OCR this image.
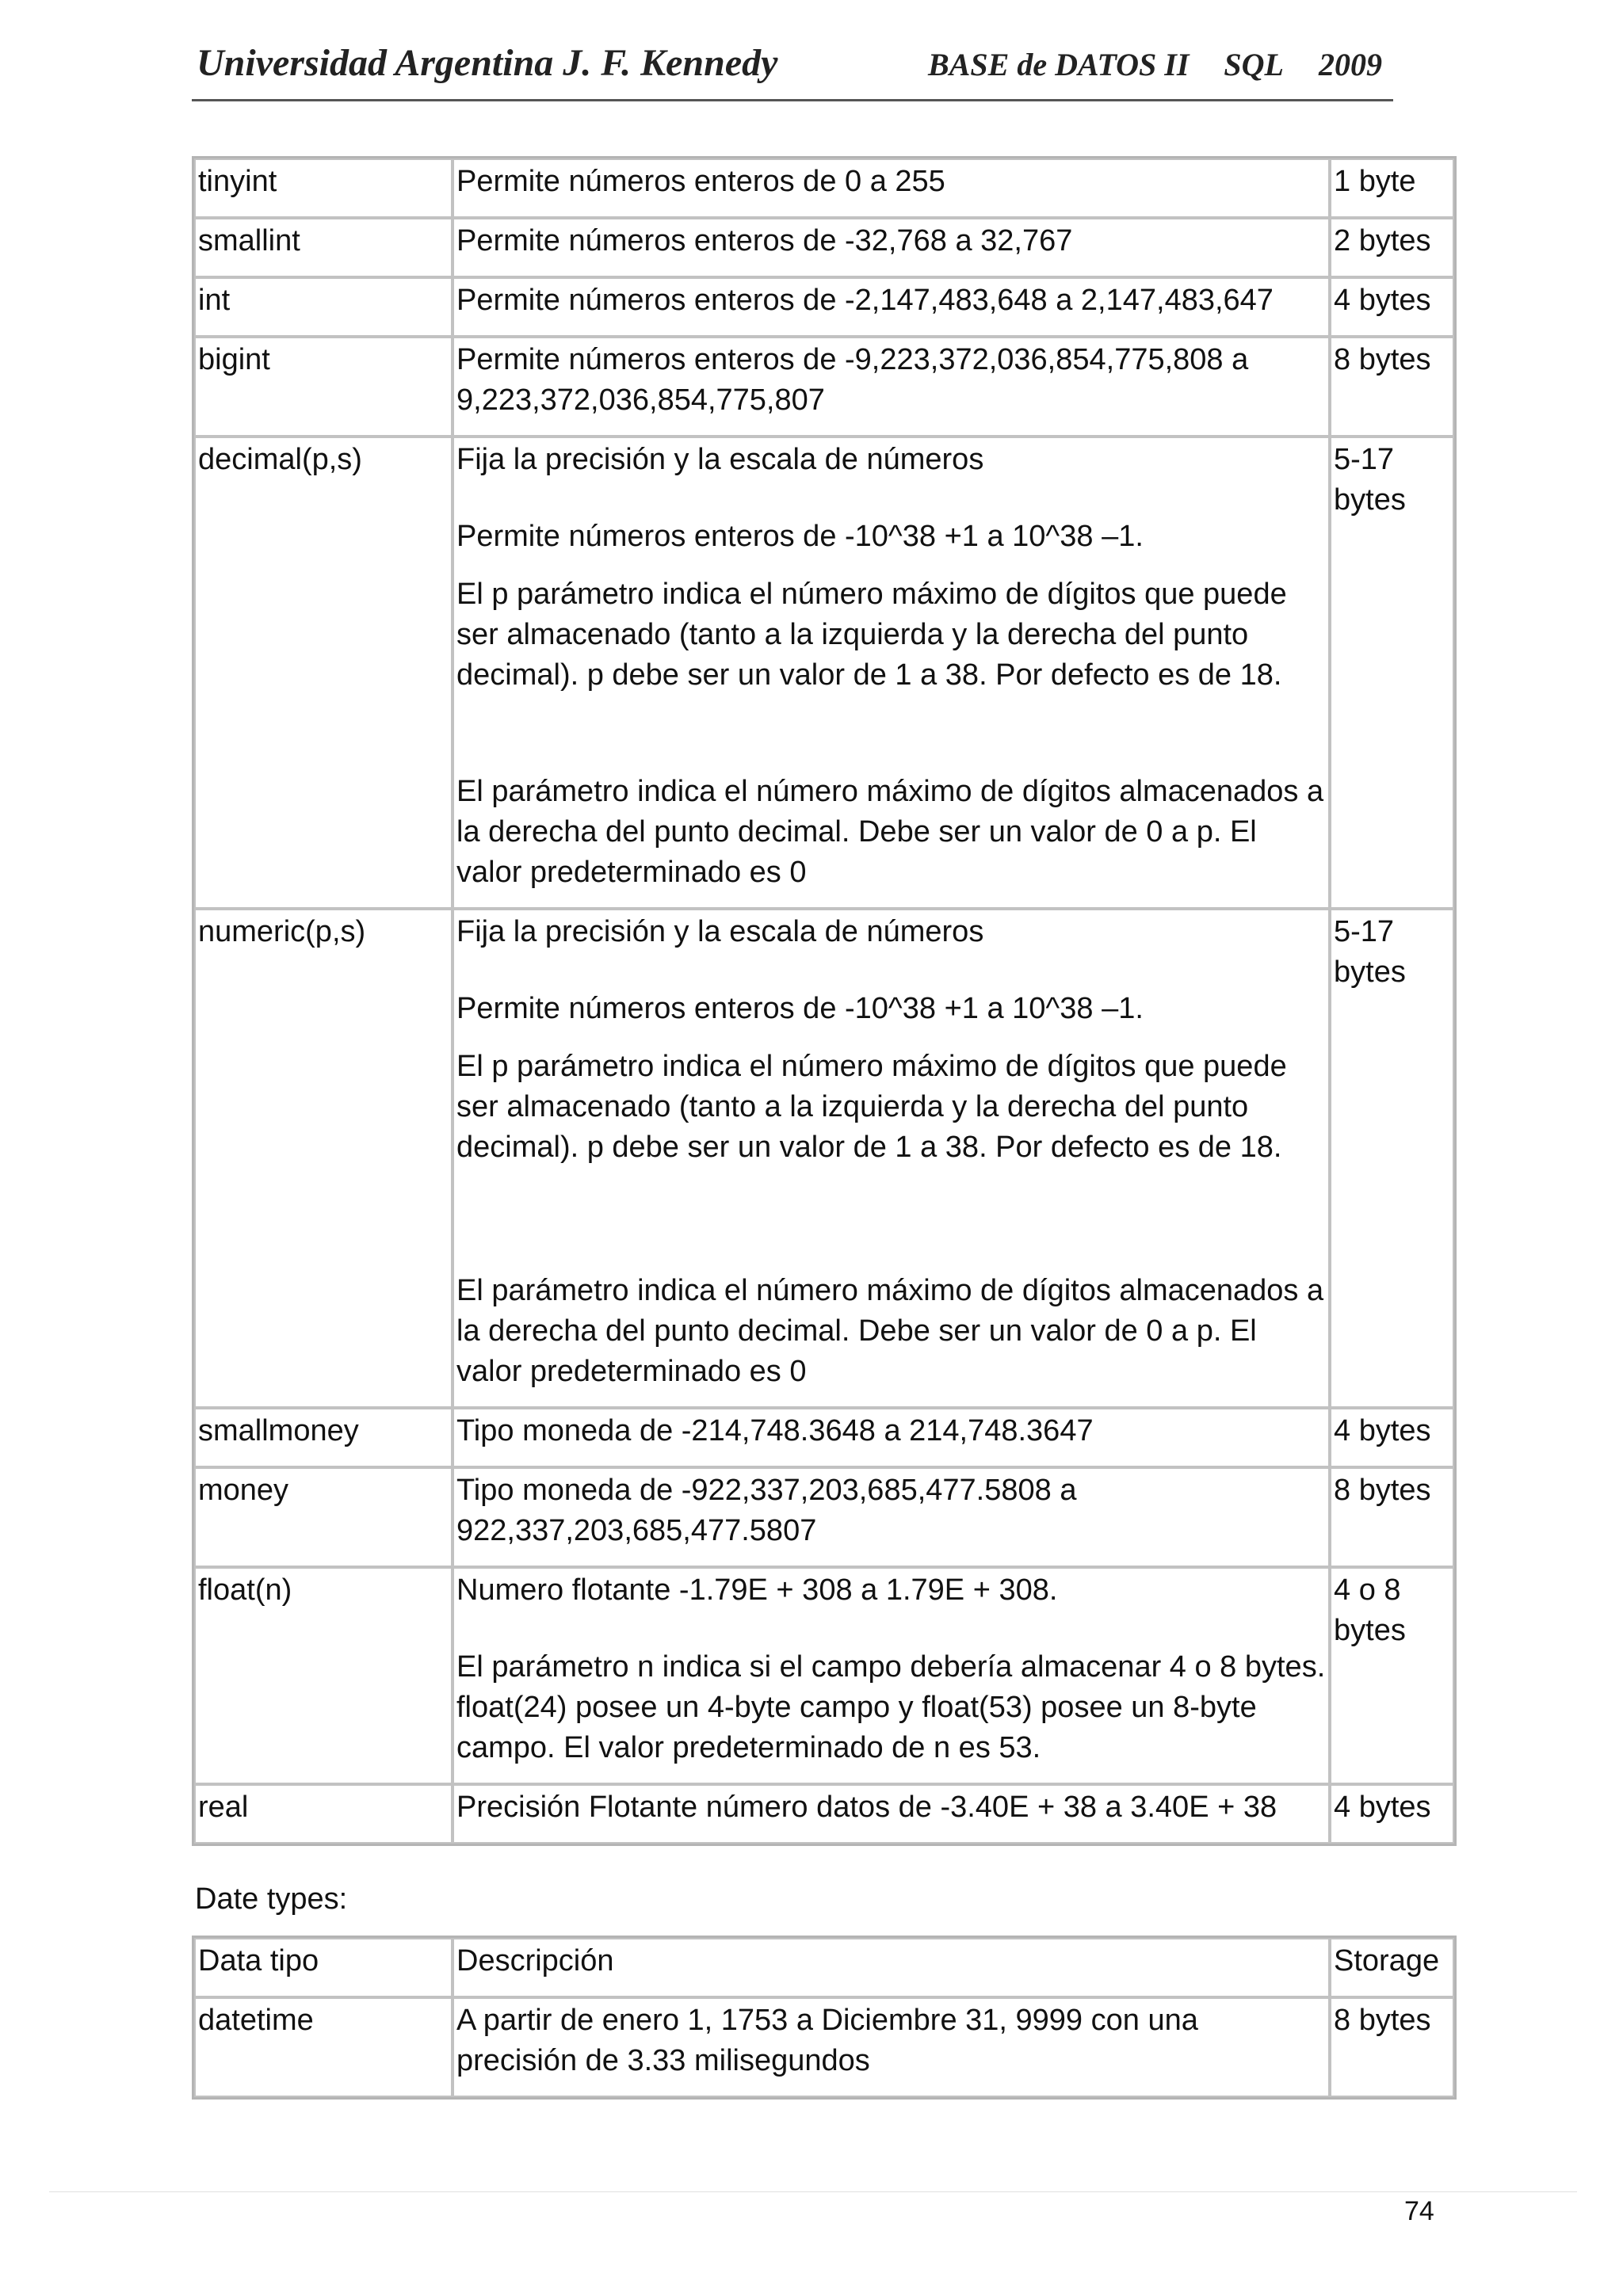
Universidad Argentina J. F. Kennedy	BASE de DATOS II SQL 2009
tinyint	Permite números enteros de 0 a 255	1 byte
smallint	Permite números enteros de -32,768 a 32,767	2 bytes
int	Permite números enteros de -2,147,483,648 a 2,147,483,647	4 bytes
bigint	Permite números enteros de -9,223,372,036,854,775,808 a 9,223,372,036,854,775,807	8 bytes
decimal(p,s)	Fija la precisión y la escala de números

Permite números enteros de -10^38 +1 a 10^38 –1.

El p parámetro indica el número máximo de dígitos que puede ser almacenado (tanto a la izquierda y la derecha del punto decimal). p debe ser un valor de 1 a 38. Por defecto es de 18.

El parámetro indica el número máximo de dígitos almacenados a la derecha del punto decimal. Debe ser un valor de 0 a p. El valor predeterminado es 0	5-17 bytes
numeric(p,s)	Fija la precisión y la escala de números

Permite números enteros de -10^38 +1 a 10^38 –1.

El p parámetro indica el número máximo de dígitos que puede ser almacenado (tanto a la izquierda y la derecha del punto decimal). p debe ser un valor de 1 a 38. Por defecto es de 18.

El parámetro indica el número máximo de dígitos almacenados a la derecha del punto decimal. Debe ser un valor de 0 a p. El valor predeterminado es 0	5-17 bytes
smallmoney	Tipo moneda de -214,748.3648 a 214,748.3647	4 bytes
money	Tipo moneda de -922,337,203,685,477.5808 a 922,337,203,685,477.5807	8 bytes
float(n)	Numero flotante -1.79E + 308 a 1.79E + 308.

El parámetro n indica si el campo debería almacenar 4 o 8 bytes. float(24) posee un 4-byte campo y float(53) posee un 8-byte campo. El valor predeterminado de n es 53.	4 o 8 bytes
real	Precisión Flotante número datos de -3.40E + 38 a 3.40E + 38	4 bytes
Date types:
Data tipo	Descripción	Storage
datetime	A partir de enero 1, 1753 a Diciembre 31, 9999 con una precisión de 3.33 milisegundos	8 bytes
74
